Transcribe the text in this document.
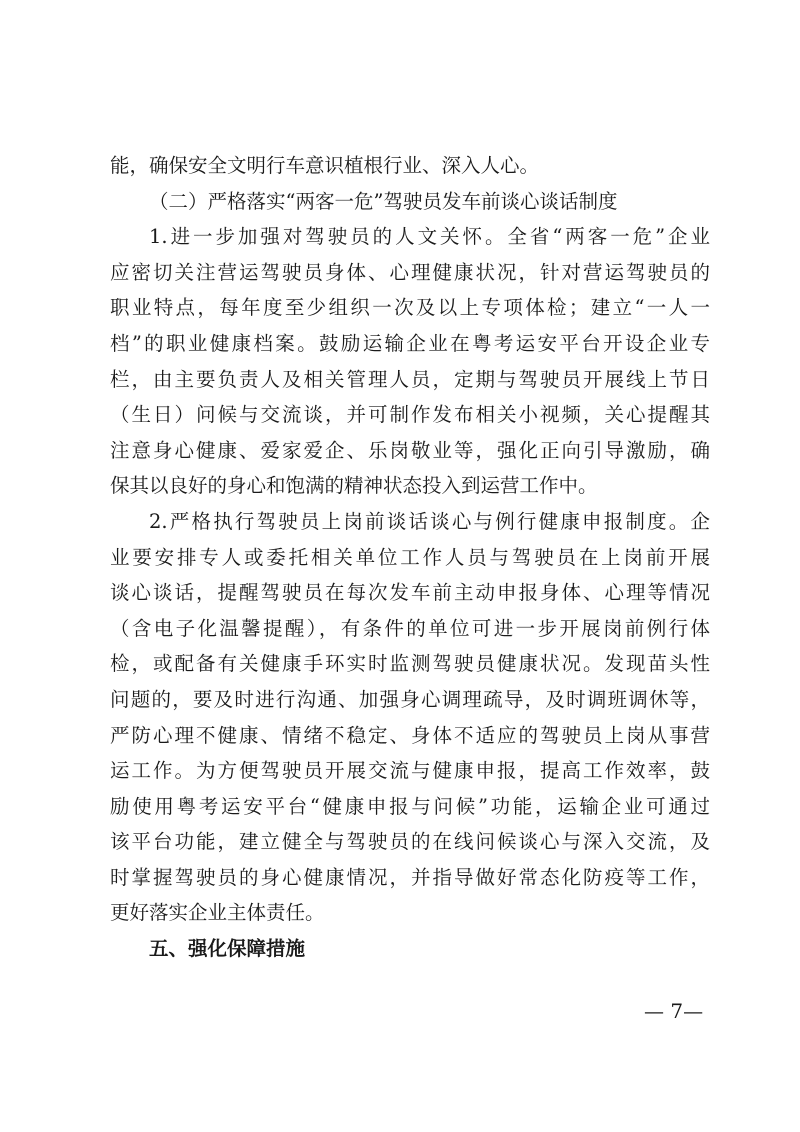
能，确保安全文明行车意识植根行业、深入人心。
（二）严格落实“两客一危”驾驶员发车前谈心谈话制度
1.进一步加强对驾驶员的人文关怀。全省“两客一危”企业
应密切关注营运驾驶员身体、心理健康状况，针对营运驾驶员的
职业特点，每年度至少组织一次及以上专项体检；建立“一人一
档”的职业健康档案。鼓励运输企业在粤考运安平台开设企业专
栏，由主要负责人及相关管理人员，定期与驾驶员开展线上节日
（生日）问候与交流谈，并可制作发布相关小视频，关心提醒其
注意身心健康、爱家爱企、乐岗敬业等，强化正向引导激励，确
保其以良好的身心和饱满的精神状态投入到运营工作中。
2.严格执行驾驶员上岗前谈话谈心与例行健康申报制度。企
业要安排专人或委托相关单位工作人员与驾驶员在上岗前开展
谈心谈话，提醒驾驶员在每次发车前主动申报身体、心理等情况
（含电子化温馨提醒），有条件的单位可进一步开展岗前例行体
检，或配备有关健康手环实时监测驾驶员健康状况。发现苗头性
问题的，要及时进行沟通、加强身心调理疏导，及时调班调休等，
严防心理不健康、情绪不稳定、身体不适应的驾驶员上岗从事营
运工作。为方便驾驶员开展交流与健康申报，提高工作效率，鼓
励使用粤考运安平台“健康申报与问候”功能，运输企业可通过
该平台功能，建立健全与驾驶员的在线问候谈心与深入交流，及
时掌握驾驶员的身心健康情况，并指导做好常态化防疫等工作，
更好落实企业主体责任。
五、强化保障措施
— 7—
